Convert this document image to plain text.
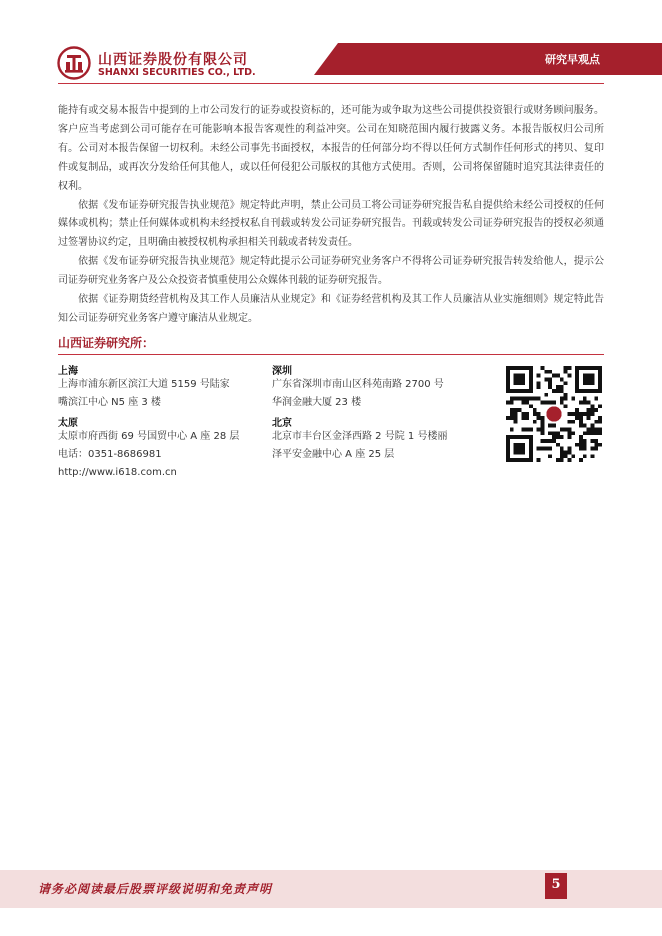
山西证券股份有限公司
SHANXI SECURITIES CO., LTD.
研究早观点

能持有或交易本报告中提到的上市公司发行的证券或投资标的，还可能为或争取为这些公司提供投资银行或财务顾问服务。客户应当考虑到公司可能存在可能影响本报告客观性的利益冲突。公司在知晓范围内履行披露义务。本报告版权归公司所有。公司对本报告保留一切权利。未经公司事先书面授权，本报告的任何部分均不得以任何方式制作任何形式的拷贝、复印件或复制品，或再次分发给任何其他人，或以任何侵犯公司版权的其他方式使用。否则，公司将保留随时追究其法律责任的权利。

依据《发布证券研究报告执业规范》规定特此声明，禁止公司员工将公司证券研究报告私自提供给未经公司授权的任何媒体或机构；禁止任何媒体或机构未经授权私自刊载或转发公司证券研究报告。刊载或转发公司证券研究报告的授权必须通过签署协议约定，且明确由被授权机构承担相关刊载或者转发责任。

依据《发布证券研究报告执业规范》规定特此提示公司证券研究业务客户不得将公司证券研究报告转发给他人，提示公司证券研究业务客户及公众投资者慎重使用公众媒体刊载的证券研究报告。

依据《证券期货经营机构及其工作人员廉洁从业规定》和《证券经营机构及其工作人员廉洁从业实施细则》规定特此告知公司证券研究业务客户遵守廉洁从业规定。

山西证券研究所：
上海
上海市浦东新区滨江大道 5159 号陆家
嘴滨江中心 N5 座 3 楼
深圳
广东省深圳市南山区科苑南路 2700 号
华润金融大厦 23 楼
太原
太原市府西街 69 号国贸中心 A 座 28 层
电话：0351-8686981
http://www.i618.com.cn
北京
北京市丰台区金泽西路 2 号院 1 号楼丽
泽平安金融中心 A 座 25 层
请务必阅读最后股票评级说明和免责声明	5
